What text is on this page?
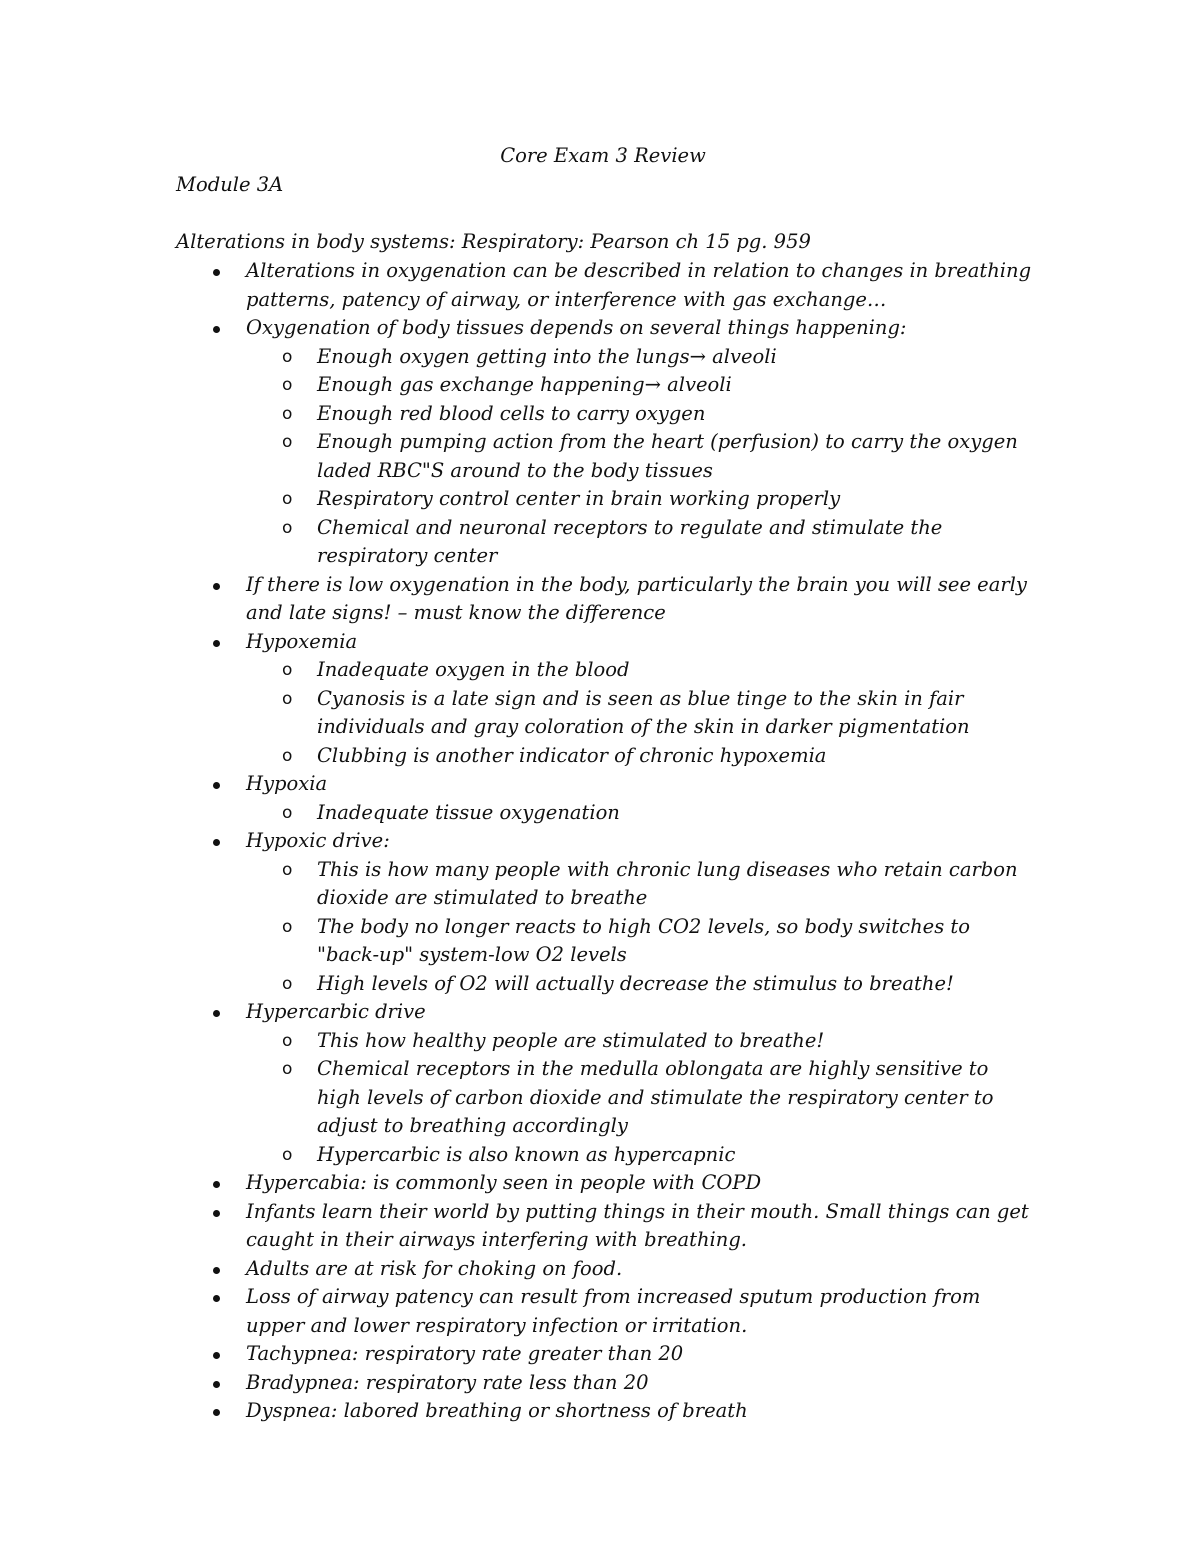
Core Exam 3 Review

Module 3A

Alterations in body systems: Respiratory: Pearson ch 15 pg. 959

Alterations in oxygenation can be described in relation to changes in breathing patterns, patency of airway, or interference with gas exchange…
Oxygenation of body tissues depends on several things happening:
o Enough oxygen getting into the lungs→ alveoli
o Enough gas exchange happening→ alveoli
o Enough red blood cells to carry oxygen
o Enough pumping action from the heart (perfusion) to carry the oxygen laded RBC"S around to the body tissues
o Respiratory control center in brain working properly
o Chemical and neuronal receptors to regulate and stimulate the respiratory center
If there is low oxygenation in the body, particularly the brain you will see early and late signs! – must know the difference
Hypoxemia
o Inadequate oxygen in the blood
o Cyanosis is a late sign and is seen as blue tinge to the skin in fair individuals and gray coloration of the skin in darker pigmentation
o Clubbing is another indicator of chronic hypoxemia
Hypoxia
o Inadequate tissue oxygenation
Hypoxic drive:
o This is how many people with chronic lung diseases who retain carbon dioxide are stimulated to breathe
o The body no longer reacts to high CO2 levels, so body switches to "back-up" system-low O2 levels
o High levels of O2 will actually decrease the stimulus to breathe!
Hypercarbic drive
o This how healthy people are stimulated to breathe!
o Chemical receptors in the medulla oblongata are highly sensitive to high levels of carbon dioxide and stimulate the respiratory center to adjust to breathing accordingly
o Hypercarbic is also known as hypercapnic
Hypercabia: is commonly seen in people with COPD
Infants learn their world by putting things in their mouth. Small things can get caught in their airways interfering with breathing.
Adults are at risk for choking on food.
Loss of airway patency can result from increased sputum production from upper and lower respiratory infection or irritation.
Tachypnea: respiratory rate greater than 20
Bradypnea: respiratory rate less than 20
Dyspnea: labored breathing or shortness of breath
